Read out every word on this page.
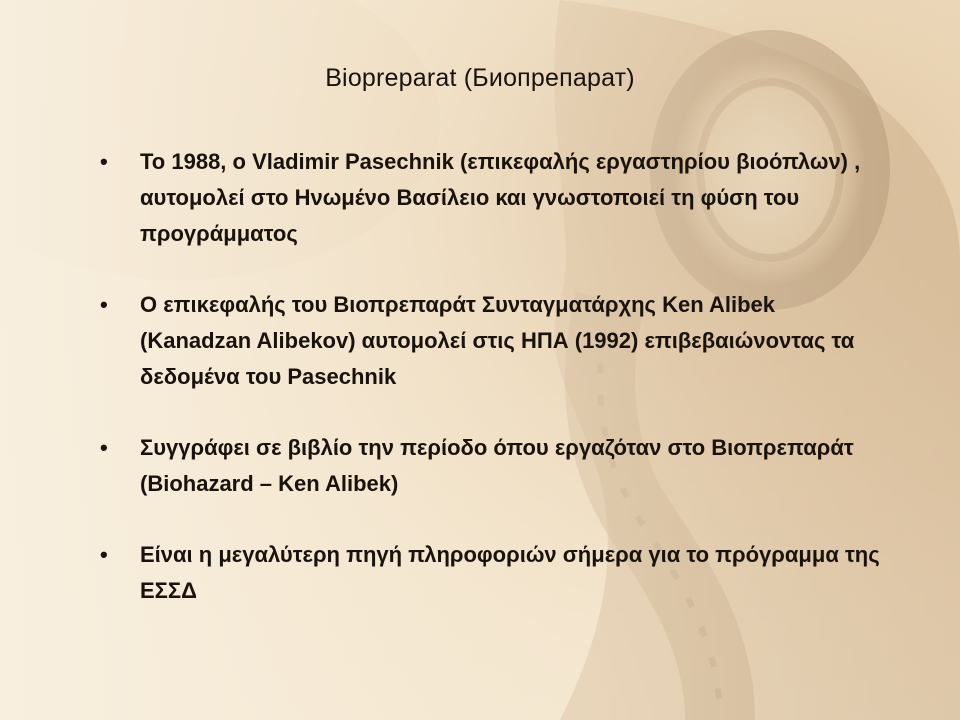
Biopreparat (Биопрепарат)
•	Το 1988, ο Vladimir Pasechnik (επικεφαλής εργαστηρίου βιοόπλων) , αυτομολεί στο Ηνωμένο Βασίλειο και γνωστοποιεί τη φύση του προγράμματος
•	Ο επικεφαλής του Βιοπρεπαράτ Συνταγματάρχης Ken Alibek (Kanadzan Alibekov) αυτομολεί στις ΗΠΑ (1992) επιβεβαιώνοντας τα δεδομένα του Pasechnik
•	Συγγράφει σε βιβλίο την περίοδο όπου εργαζόταν στο Βιοπρεπαράτ (Biohazard – Ken Alibek)
•	Είναι η μεγαλύτερη πηγή πληροφοριών σήμερα για το πρόγραμμα της ΕΣΣΔ
